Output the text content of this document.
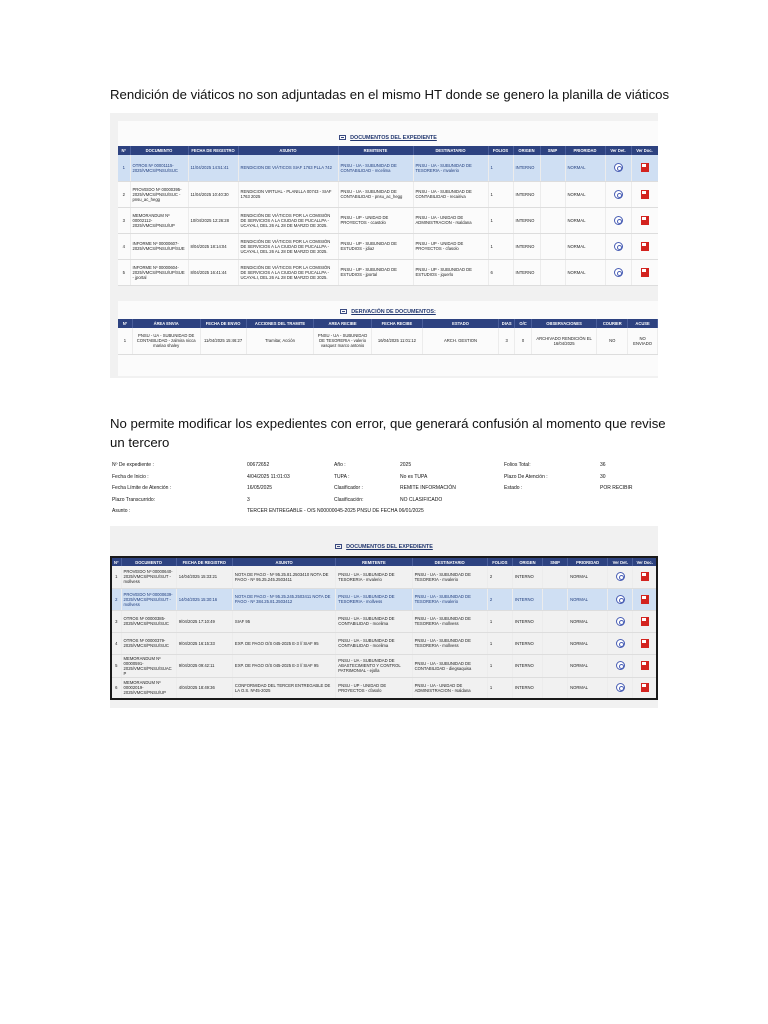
Rendición de viáticos no son adjuntadas en el mismo HT donde se genero la planilla de viáticos
DOCUMENTOS DEL EXPEDIENTE
Nº	DOCUMENTO	FECHA DE REGISTRO	ASUNTO	REMITENTE	DESTINATARIO	FOLIOS	ORIGEN	SNIP	PRIORIDAD	Ver Det.	Ver Doc.
1	OTROS Nº 00001115-2025/VMCS/PNSU/SUC	11/04/2025 14:51:41	RENDICION DE VIÁTICOS SIAF 1763 PLLA 742	PNSU - UA - SUBUNIDAD DE CONTABILIDAD - mcelima	PNSU - UA - SUBUNIDAD DE TESORERIA - mvalerio	1	INTERNO		NORMAL		
2	PROVEIDO Nº 00000395-2025/VMCS/PNSU/SUC - pnsu_ac_hegg	11/04/2025 10:40:30	RENDICION VIRTUAL - PLANILLA 00743 - SIAF 1763 2025	PNSU - UA - SUBUNIDAD DE CONTABILIDAD - pnsu_ac_hegg	PNSU - UA - SUBUNIDAD DE CONTABILIDAD - recairiva	1	INTERNO		NORMAL		
3	MEMORANDUM Nº 00002112-2025/VMCS/PNSU/UP	10/04/2025 12:26:28	RENDICIÓN DE VIÁTICOS POR LA COMISIÓN DE SERVICIOS A LA CIUDAD DE PUCALLPA - UCAYALI, DEL 26 AL 28 DE MARZO DE 2025.	PNSU - UP - UNIDAD DE PROYECTOS - ccastolo	PNSU - UA - UNIDAD DE ADMINISTRACION - rsaldana	1	INTERNO		NORMAL		
4	INFORME Nº 00000607-2025/VMCS/PNSU/UP/SUE	8/04/2025 18:14:04	RENDICIÓN DE VIÁTICOS POR LA COMISIÓN DE SERVICIOS A LA CIUDAD DE PUCALLPA - UCAYALI, DEL 26 AL 28 DE MARZO DE 2025.	PNSU - UP - SUBUNIDAD DE ESTUDIOS - jdiaz	PNSU - UP - UNIDAD DE PROYECTOS - cfasolo	1	INTERNO		NORMAL		
5	INFORME Nº 00000604-2025/VMCS/PNSU/UP/SUE - jportal	8/04/2025 16:41:44	RENDICIÓN DE VIÁTICOS POR LA COMISIÓN DE SERVICIOS A LA CIUDAD DE PUCALLPA - UCAYALI, DEL 26 AL 28 DE MARZO DE 2025.	PNSU - UP - SUBUNIDAD DE ESTUDIOS - jportal	PNSU - UP - SUBUNIDAD DE ESTUDIOS - jquerlo	6	INTERNO		NORMAL		
DERIVACIÓN DE DOCUMENTOS:
Nº	ÁREA ENVIA	FECHA DE ENVIO	ACCIONES DEL TRAMITE	AREA RECIBE	FECHA RECIBE	ESTADO	DIAS	O/C	OBSERVACIONES	COURIER	ACUSE
1	PNSU - UA - SUBUNIDAD DE CONTABILIDAD - zalmira nicca mariao shaley	11/04/2025 15:46:27	Tramitar, Acción	PNSU - UA - SUBUNIDAD DE TESORERIA - valerio vasquez marco antonio	16/04/2025 11:01:12	ARCH. GESTION	3	0	ARCHIVADO RENDICIÓN EL 16/04/2025	NO	NO ENVIADO
No permite modificar los expedientes con error, que generará confusión al momento que revise un tercero
Nº De expediente :	00672652	Año :	2025	Folios Total:	36
Fecha de Inicio :	4/04/2025 11:01:03	TUPA :	No es TUPA	Plazo De Atención :	30
Fecha Límite de Atención :	16/05/2025	Clasificador :	REMITE INFORMACIÓN	Estado :	POR RECIBIR
Plazo Transcurrido:	3	Clasificación:	NO CLASIFICADO
Asunto :	TERCER ENTREGABLE - O/S N00000045-2025 PNSU DE FECHA 06/01/2025
DOCUMENTOS DEL EXPEDIENTE
Nº	DOCUMENTO	FECHA DE REGISTRO	ASUNTO	REMITENTE	DESTINATARIO	FOLIOS	ORIGEN	SNIP	PRIORIDAD	Ver Det.	Ver Doc.
1	PROVEIDO Nº 00000640-2025/VMCS/PNSU/SUT - mollvess	14/04/2025 15:33:21	NOTA DE PAGO - Nº 95.25.81.2503410 NOTA DE PAGO - Nº 95.25.245.2503411	PNSU - UA - SUBUNIDAD DE TESORERIA - mvalerio	PNSU - UA - SUBUNIDAD DE TESORERIA - mvalerio	2	INTERNO		NORMAL		
2	PROVEIDO Nº 00000639-2025/VMCS/PNSU/SUT - mollvess	14/04/2025 15:30:16	NOTA DE PAGO - Nº 95.25.245.2503411 NOTA DE PAGO - Nº 384.25.81.2503412	PNSU - UA - SUBUNIDAD DE TESORERIA - mollvess	PNSU - UA - SUBUNIDAD DE TESORERIA - mvalerio	2	INTERNO		NORMAL		
3	OTROS Nº 00000385-2025/VMCS/PNSU/SUC	9/04/2025 17:10:49	SIAF 95	PNSU - UA - SUBUNIDAD DE CONTABILIDAD - mcelima	PNSU - UA - SUBUNIDAD DE TESORERIA - mollvess	1	INTERNO		NORMAL		
4	OTROS Nº 00000379-2025/VMCS/PNSU/SUC	9/04/2025 16:15:33	EXP. DE PAGO O/S 045-2025 E-3 // SIAF 95	PNSU - UA - SUBUNIDAD DE CONTABILIDAD - mcelima	PNSU - UA - SUBUNIDAD DE TESORERIA - mollvess	1	INTERNO		NORMAL		
5	MEMORANDUM Nº 00000591-2025/VMCS/PNSU/SUACP	9/04/2025 09:42:11	EXP. DE PAGO O/S 045-2025 E-3 // SIAF 95	PNSU - UA - SUBUNIDAD DE ABASTECIMIENTO Y CONTROL PATRIMONIAL - ejolla	PNSU - UA - SUBUNIDAD DE CONTABILIDAD - diegsaquisa	1	INTERNO		NORMAL		
6	MEMORANDUM Nº 00002019-2025/VMCS/PNSU/UP	4/04/2025 18:49:36	CONFORMIDAD DEL TERCER ENTREGABLE DE LA O.S. Nº45-2025	PNSU - UP - UNIDAD DE PROYECTOS - cfasolo	PNSU - UA - UNIDAD DE ADMINISTRACION - rsaldana	1	INTERNO		NORMAL		
